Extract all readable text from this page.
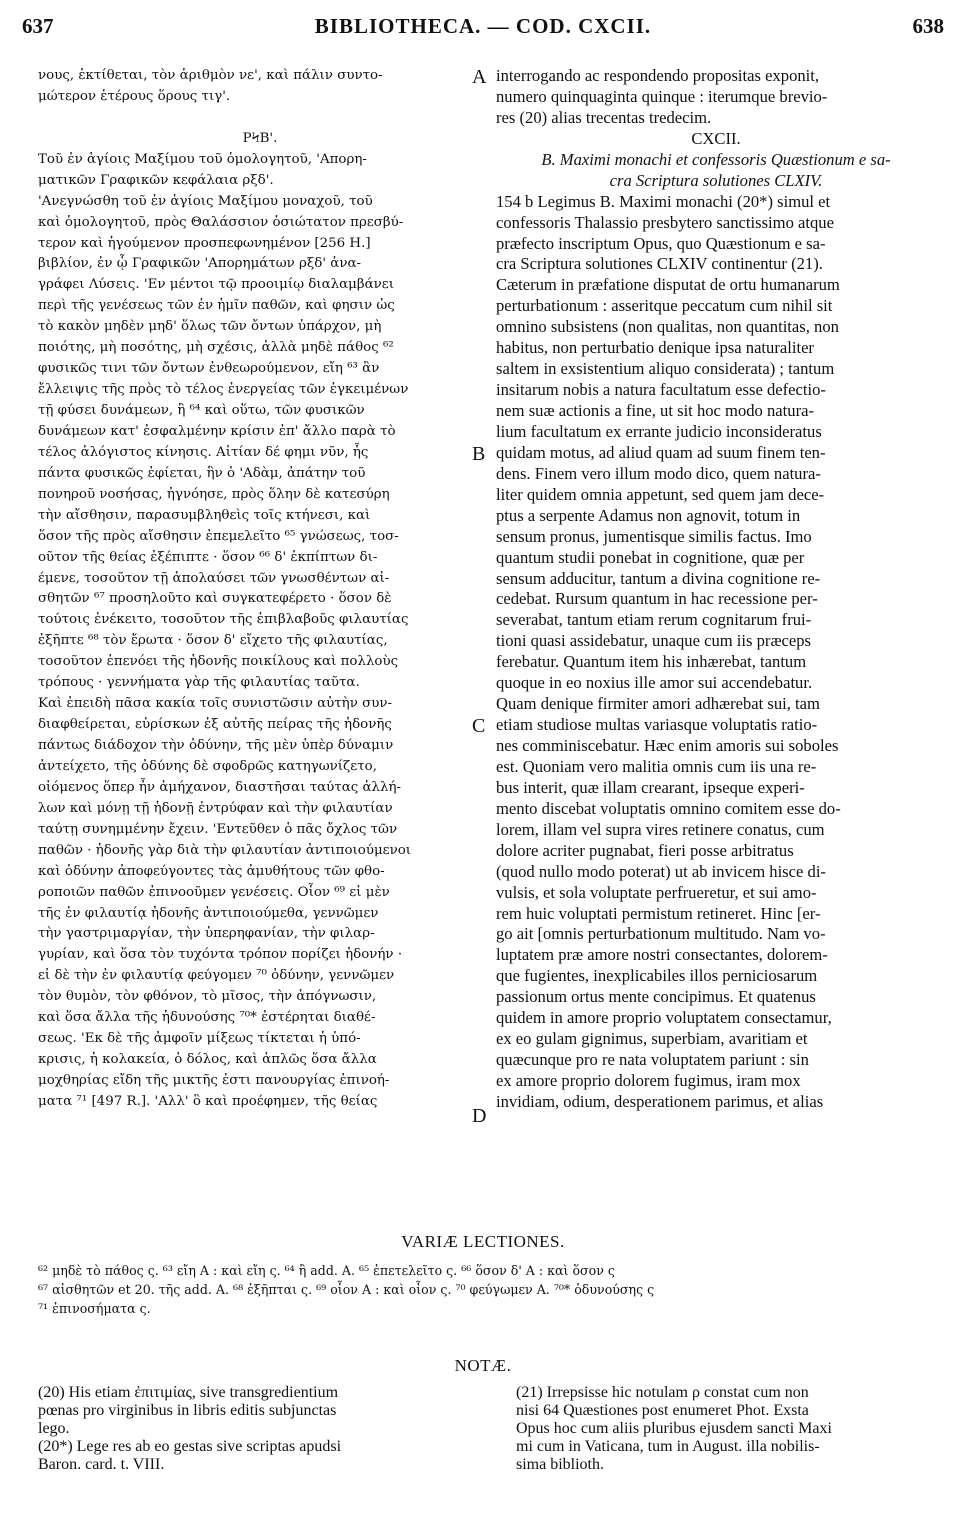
637	BIBLIOTHECA. — COD. CXCII.	638
νους, ἐκτίθεται, τὸν ἀριθμὸν νε', καὶ πάλιν συντο-
μώτερον ἑτέρους ὅρους τιγ'.
ΡϞΒ'.
Τοῦ ἐν ἁγίοις Μαξίμου τοῦ ὁμολογητοῦ, 'Απορη-
ματικῶν Γραφικῶν κεφάλαια ρξδ'.
'Ανεγνώσθη τοῦ ἐν ἁγίοις Μαξίμου μοναχοῦ, τοῦ
καὶ ὁμολογητοῦ, πρὸς Θαλάσσιον ὁσιώτατον πρεσβύ-
τερον καὶ ἡγούμενον προσπεφωνημένον [256 Η.]
βιβλίον, ἐν ᾧ Γραφικῶν 'Απορημάτων ρξδ' ἀνα-
γράφει Λύσεις. 'Εν μέντοι τῷ προοιμίῳ διαλαμβάνει
περὶ τῆς γενέσεως τῶν ἐν ἡμῖν παθῶν, καὶ φησιν ὡς
τὸ κακὸν μηδὲν μηδ' ὅλως τῶν ὄντων ὑπάρχον, μὴ
ποιότης, μὴ ποσότης, μὴ σχέσις, ἀλλὰ μηδὲ πάθος ⁶²
φυσικῶς τινι τῶν ὄντων ἐνθεωρούμενον, εἴη ⁶³ ἂν
ἔλλειψις τῆς πρὸς τὸ τέλος ἐνεργείας τῶν ἐγκειμένων
τῇ φύσει δυνάμεων, ἢ ⁶⁴ καὶ οὕτω, τῶν φυσικῶν
δυνάμεων κατ' ἐσφαλμένην κρίσιν ἐπ' ἄλλο παρὰ τὸ
τέλος ἀλόγιστος κίνησις. Αἰτίαν δέ φημι νῦν, ἧς
πάντα φυσικῶς ἐφίεται, ἣν ὁ 'Αδὰμ, ἀπάτην τοῦ
πονηροῦ νοσήσας, ἠγνόησε, πρὸς ὅλην δὲ κατεσύρη
τὴν αἴσθησιν, παρασυμβληθεὶς τοῖς κτήνεσι, καὶ
ὅσον τῆς πρὸς αἴσθησιν ἐπεμελεῖτο ⁶⁵ γνώσεως, τοσ-
οῦτον τῆς θείας ἐξέπιπτε · ὅσον ⁶⁶ δ' ἐκπίπτων δι-
έμενε, τοσοῦτον τῇ ἀπολαύσει τῶν γνωσθέντων αἰ-
σθητῶν ⁶⁷ προσηλοῦτο καὶ συγκατεφέρετο · ὅσον δὲ
τούτοις ἐνέκειτο, τοσοῦτον τῆς ἐπιβλαβοῦς φιλαυτίας
ἐξῆπτε ⁶⁸ τὸν ἔρωτα · ὅσον δ' εἴχετο τῆς φιλαυτίας,
τοσοῦτον ἐπενόει τῆς ἡδονῆς ποικίλους καὶ πολλοὺς
τρόπους · γεννήματα γὰρ τῆς φιλαυτίας ταῦτα.
Καὶ ἐπειδὴ πᾶσα κακία τοῖς συνιστῶσιν αὐτὴν συν-
διαφθείρεται, εὑρίσκων ἐξ αὐτῆς πείρας τῆς ἡδονῆς
πάντως διάδοχον τὴν ὀδύνην, τῆς μὲν ὑπὲρ δύναμιν
ἀντείχετο, τῆς ὀδύνης δὲ σφοδρῶς κατηγωνίζετο,
οἰόμενος ὅπερ ἦν ἀμήχανον, διαστῆσαι ταύτας ἀλλή-
λων καὶ μόνῃ τῇ ἡδονῇ ἐντρύφαν καὶ τὴν φιλαυτίαν
ταύτῃ συνημμένην ἔχειν. 'Εντεῦθεν ὁ πᾶς ὄχλος τῶν
παθῶν · ἡδονῆς γὰρ διὰ τὴν φιλαυτίαν ἀντιποιούμενοι
καὶ ὀδύνην ἀποφεύγοντες τὰς ἀμυθήτους τῶν φθο-
ροποιῶν παθῶν ἐπινοοῦμεν γενέσεις. Οἷον ⁶⁹ εἰ μὲν
τῆς ἐν φιλαυτίᾳ ἡδονῆς ἀντιποιούμεθα, γεννῶμεν
τὴν γαστριμαργίαν, τὴν ὑπερηφανίαν, τὴν φιλαρ-
γυρίαν, καὶ ὅσα τὸν τυχόντα τρόπον πορίζει ἡδονήν ·
εἰ δὲ τὴν ἐν φιλαυτίᾳ φεύγομεν ⁷⁰ ὀδύνην, γεννῶμεν
τὸν θυμὸν, τὸν φθόνον, τὸ μῖσος, τὴν ἀπόγνωσιν,
καὶ ὅσα ἄλλα τῆς ἡδυνούσης ⁷⁰* ἐστέρηται διαθέ-
σεως. 'Εκ δὲ τῆς ἀμφοῖν μίξεως τίκτεται ἡ ὑπό-
κρισις, ἡ κολακεία, ὁ δόλος, καὶ ἁπλῶς ὅσα ἄλλα
μοχθηρίας εἴδη τῆς μικτῆς ἐστι πανουργίας ἐπινοή-
ματα ⁷¹ [497 R.]. 'Αλλ' ὃ καὶ προέφημεν, τῆς θείας
interrogando ac respondendo propositas exponit,
numero quinquaginta quinque : iterumque brevio-
res (20) alias trecentas tredecim.
CXCII.
B. Maximi monachi et confessoris Quæstionum e sa-
cra Scriptura solutiones CLXIV.
154 b Legimus B. Maximi monachi (20*) simul et
confessoris Thalassio presbytero sanctissimo atque
præfecto inscriptum Opus, quo Quæstionum e sa-
cra Scriptura solutiones CLXIV continentur (21).
Cæterum in præfatione disputat de ortu humanarum
perturbationum : asseritque peccatum cum nihil sit
omnino subsistens (non qualitas, non quantitas, non
habitus, non perturbatio denique ipsa naturaliter
saltem in exsistentium aliquo considerata) ; tantum
insitarum nobis a natura facultatum esse defectio-
nem suæ actionis a fine, ut sit hoc modo natura-
lium facultatum ex errante judicio inconsideratus
quidam motus, ad aliud quam ad suum finem ten-
dens. Finem vero illum modo dico, quem natura-
liter quidem omnia appetunt, sed quem jam dece-
ptus a serpente Adamus non agnovit, totum in
sensum pronus, jumentisque similis factus. Imo
quantum studii ponebat in cognitione, quæ per
sensum adducitur, tantum a divina cognitione re-
cedebat. Rursum quantum in hac recessione per-
severabat, tantum etiam rerum cognitarum frui-
tioni quasi assidebatur, unaque cum iis præceps
ferebatur. Quantum item his inhærebat, tantum
quoque in eo noxius ille amor sui accendebatur.
Quam denique firmiter amori adhærebat sui, tam
etiam studiose multas variasque voluptatis ratio-
nes comminiscebatur. Hæc enim amoris sui soboles
est. Quoniam vero malitia omnis cum iis una re-
bus interit, quæ illam crearant, ipseque experi-
mento discebat voluptatis omnino comitem esse do-
lorem, illam vel supra vires retinere conatus, cum
dolore acriter pugnabat, fieri posse arbitratus
(quod nullo modo poterat) ut ab invicem hisce di-
vulsis, et sola voluptate perfrueretur, et sui amo-
rem huic voluptati permistum retineret. Hinc [er-
go ait [omnis perturbationum multitudo. Nam vo-
luptatem præ amore nostri consectantes, dolorem-
que fugientes, inexplicabiles illos perniciosarum
passionum ortus mente concipimus. Et quatenus
quidem in amore proprio voluptatem consectamur,
ex eo gulam gignimus, superbiam, avaritiam et
quæcunque pro re nata voluptatem pariunt : sin
ex amore proprio dolorem fugimus, iram mox
invidiam, odium, desperationem parimus, et alias
A
B
C
D
VARIÆ LECTIONES.
⁶² μηδὲ τὸ πάθος ς. ⁶³ εἴη A : καὶ εἴη ς. ⁶⁴ ἢ add. A. ⁶⁵ ἐπετελεῖτο ς. ⁶⁶ ὅσον δ' A : καὶ ὅσον ς
⁶⁷ αἰσθητῶν et 20. τῆς add. A. ⁶⁸ ἐξῆπται ς. ⁶⁹ οἷον A : καὶ οἷον ς. ⁷⁰ φεύγωμεν A. ⁷⁰* ὀδυνούσης ς
⁷¹ ἐπινοσήματα ς.
NOTÆ.
(20) His etiam ἐπιτιμίας, sive transgredientium
pœnas pro virginibus in libris editis subjunctas
lego.
(20*) Lege res ab eo gestas sive scriptas apudsi
Baron. card. t. VIII.
(21) Irrepsisse hic notulam ρ constat cum non
nisi 64 Quæstiones post enumeret Phot. Exsta
Opus hoc cum aliis pluribus ejusdem sancti Maxi
mi cum in Vaticana, tum in August. illa nobilis-
sima biblioth.
